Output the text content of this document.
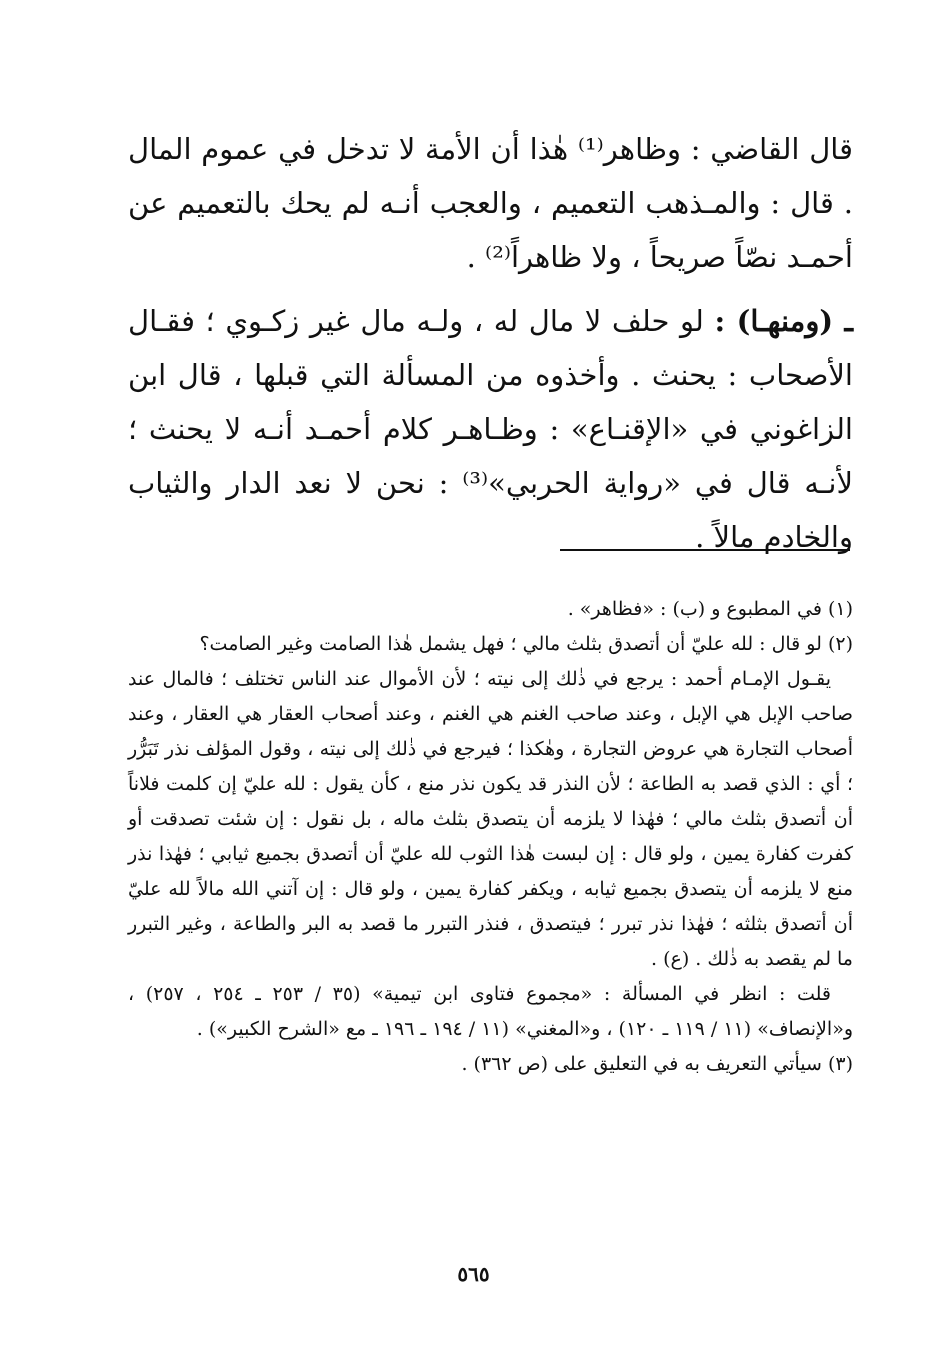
قال القاضي : وظاهر⁽¹⁾ هٰذا أن الأمة لا تدخل في عموم المال . قال : والمـذهب التعميم ، والعجب أنـه لم يحك بالتعميم عن أحمـد نصّاً صريحاً ، ولا ظاهراً⁽²⁾ .

ـ (ومنهـا) : لو حلف لا مال له ، ولـه مال غير زكـوي ؛ فقـال الأصحاب : يحنث . وأخذوه من المسألة التي قبلها ، قال ابن الزاغوني في «الإقنـاع» : وظـاهـر كلام أحمـد أنـه لا يحنث ؛ لأنـه قال في «رواية الحربي»⁽³⁾ : نحن لا نعد الدار والثياب والخادم مالاً .

(١) في المطبوع و (ب) : «فظاهر» .

(٢) لو قال : لله عليّ أن أتصدق بثلث مالي ؛ فهل يشمل هٰذا الصامت وغير الصامت؟

يقـول الإمـام أحمد : يرجع في ذٰلك إلى نيته ؛ لأن الأموال عند الناس تختلف ؛ فالمال عند صاحب الإبل هي الإبل ، وعند صاحب الغنم هي الغنم ، وعند أصحاب العقار هي العقار ، وعند أصحاب التجارة هي عروض التجارة ، وهٰكذا ؛ فيرجع في ذٰلك إلى نيته ، وقول المؤلف نذر تَبَرُّر ؛ أي : الذي قصد به الطاعة ؛ لأن النذر قد يكون نذر منع ، كأن يقول : لله عليّ إن كلمت فلاناً أن أتصدق بثلث مالي ؛ فهٰذا لا يلزمه أن يتصدق بثلث ماله ، بل نقول : إن شئت تصدقت أو كفرت كفارة يمين ، ولو قال : إن لبست هٰذا الثوب لله عليّ أن أتصدق بجميع ثيابي ؛ فهٰذا نذر منع لا يلزمه أن يتصدق بجميع ثيابه ، ويكفر كفارة يمين ، ولو قال : إن آتني الله مالاً لله عليّ أن أتصدق بثلثه ؛ فهٰذا نذر تبرر ؛ فيتصدق ، فنذر التبرر ما قصد به البر والطاعة ، وغير التبرر ما لم يقصد به ذٰلك . (ع) .

قلت : انظر في المسألة : «مجموع فتاوى ابن تيمية» (٣٥ / ٢٥٣ ـ ٢٥٤ ، ٢٥٧) ، و«الإنصاف» (١١ / ١١٩ ـ ١٢٠) ، و«المغني» (١١ / ١٩٤ ـ ١٩٦ ـ مع «الشرح الكبير») .

(٣) سيأتي التعريف به في التعليق على (ص ٣٦٢) .

٥٦٥
